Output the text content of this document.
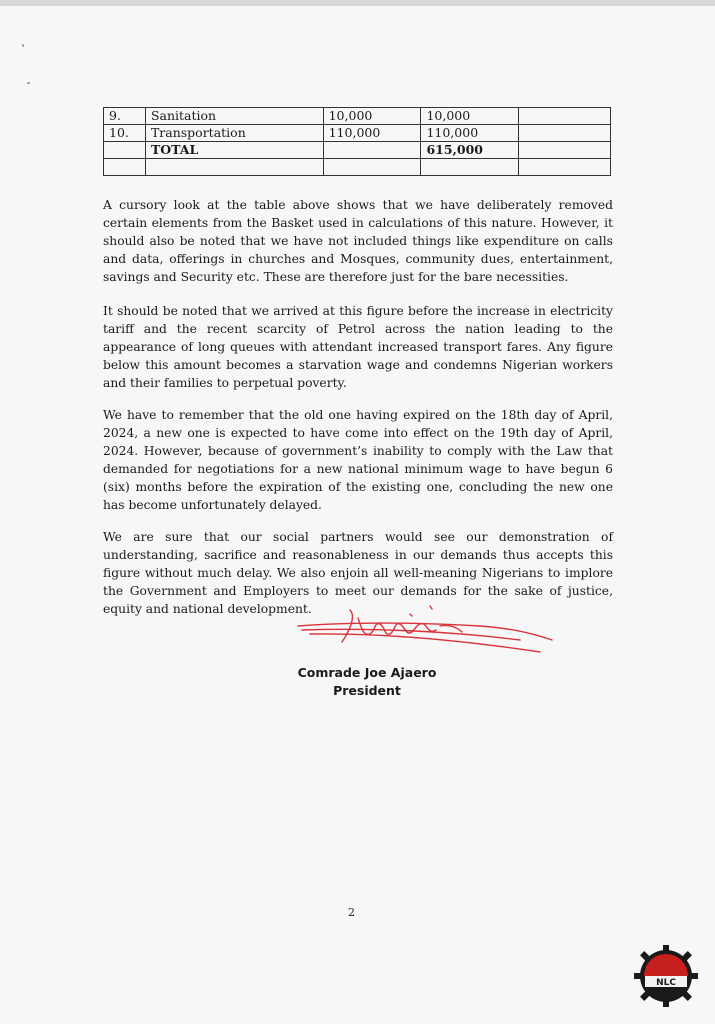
9.	Sanitation	10,000	10,000	
10.	Transportation	110,000	110,000	
	TOTAL		615,000	

A cursory look at the table above shows that we have deliberately removed certain elements from the Basket used in calculations of this nature. However, it should also be noted that we have not included things like expenditure on calls and data, offerings in churches and Mosques, community dues, entertainment, savings and Security etc. These are therefore just for the bare necessities.

It should be noted that we arrived at this figure before the increase in electricity tariff and the recent scarcity of Petrol across the nation leading to the appearance of long queues with attendant increased transport fares. Any figure below this amount becomes a starvation wage and condemns Nigerian workers and their families to perpetual poverty.

We have to remember that the old one having expired on the 18th day of April, 2024, a new one is expected to have come into effect on the 19th day of April, 2024. However, because of government’s inability to comply with the Law that demanded for negotiations for a new national minimum wage to have begun 6 (six) months before the expiration of the existing one, concluding the new one has become unfortunately delayed.

We are sure that our social partners would see our demonstration of understanding, sacrifice and reasonableness in our demands thus accepts this figure without much delay. We also enjoin all well-meaning Nigerians to implore the Government and Employers to meet our demands for the sake of justice, equity and national development.

Comrade Joe Ajaero
President
2
NLC
